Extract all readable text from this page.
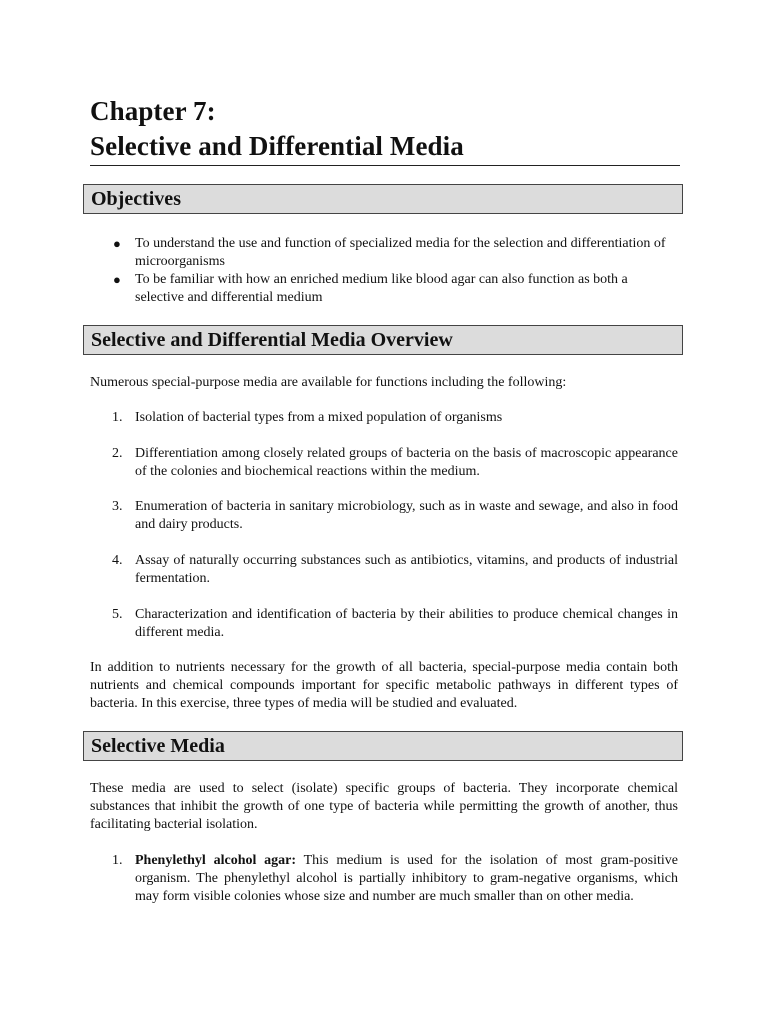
Chapter 7:
Selective and Differential Media
Objectives
● To understand the use and function of specialized media for the selection and differentiation of microorganisms
● To be familiar with how an enriched medium like blood agar can also function as both a selective and differential medium
Selective and Differential Media Overview

Numerous special-purpose media are available for functions including the following:

1. Isolation of bacterial types from a mixed population of organisms
2. Differentiation among closely related groups of bacteria on the basis of macroscopic appearance of the colonies and biochemical reactions within the medium.
3. Enumeration of bacteria in sanitary microbiology, such as in waste and sewage, and also in food and dairy products.
4. Assay of naturally occurring substances such as antibiotics, vitamins, and products of industrial fermentation.
5. Characterization and identification of bacteria by their abilities to produce chemical changes in different media.

In addition to nutrients necessary for the growth of all bacteria, special-purpose media contain both nutrients and chemical compounds important for specific metabolic pathways in different types of bacteria. In this exercise, three types of media will be studied and evaluated.

Selective Media

These media are used to select (isolate) specific groups of bacteria. They incorporate chemical substances that inhibit the growth of one type of bacteria while permitting the growth of another, thus facilitating bacterial isolation.

1. Phenylethyl alcohol agar: This medium is used for the isolation of most gram-positive organism. The phenylethyl alcohol is partially inhibitory to gram-negative organisms, which may form visible colonies whose size and number are much smaller than on other media.
